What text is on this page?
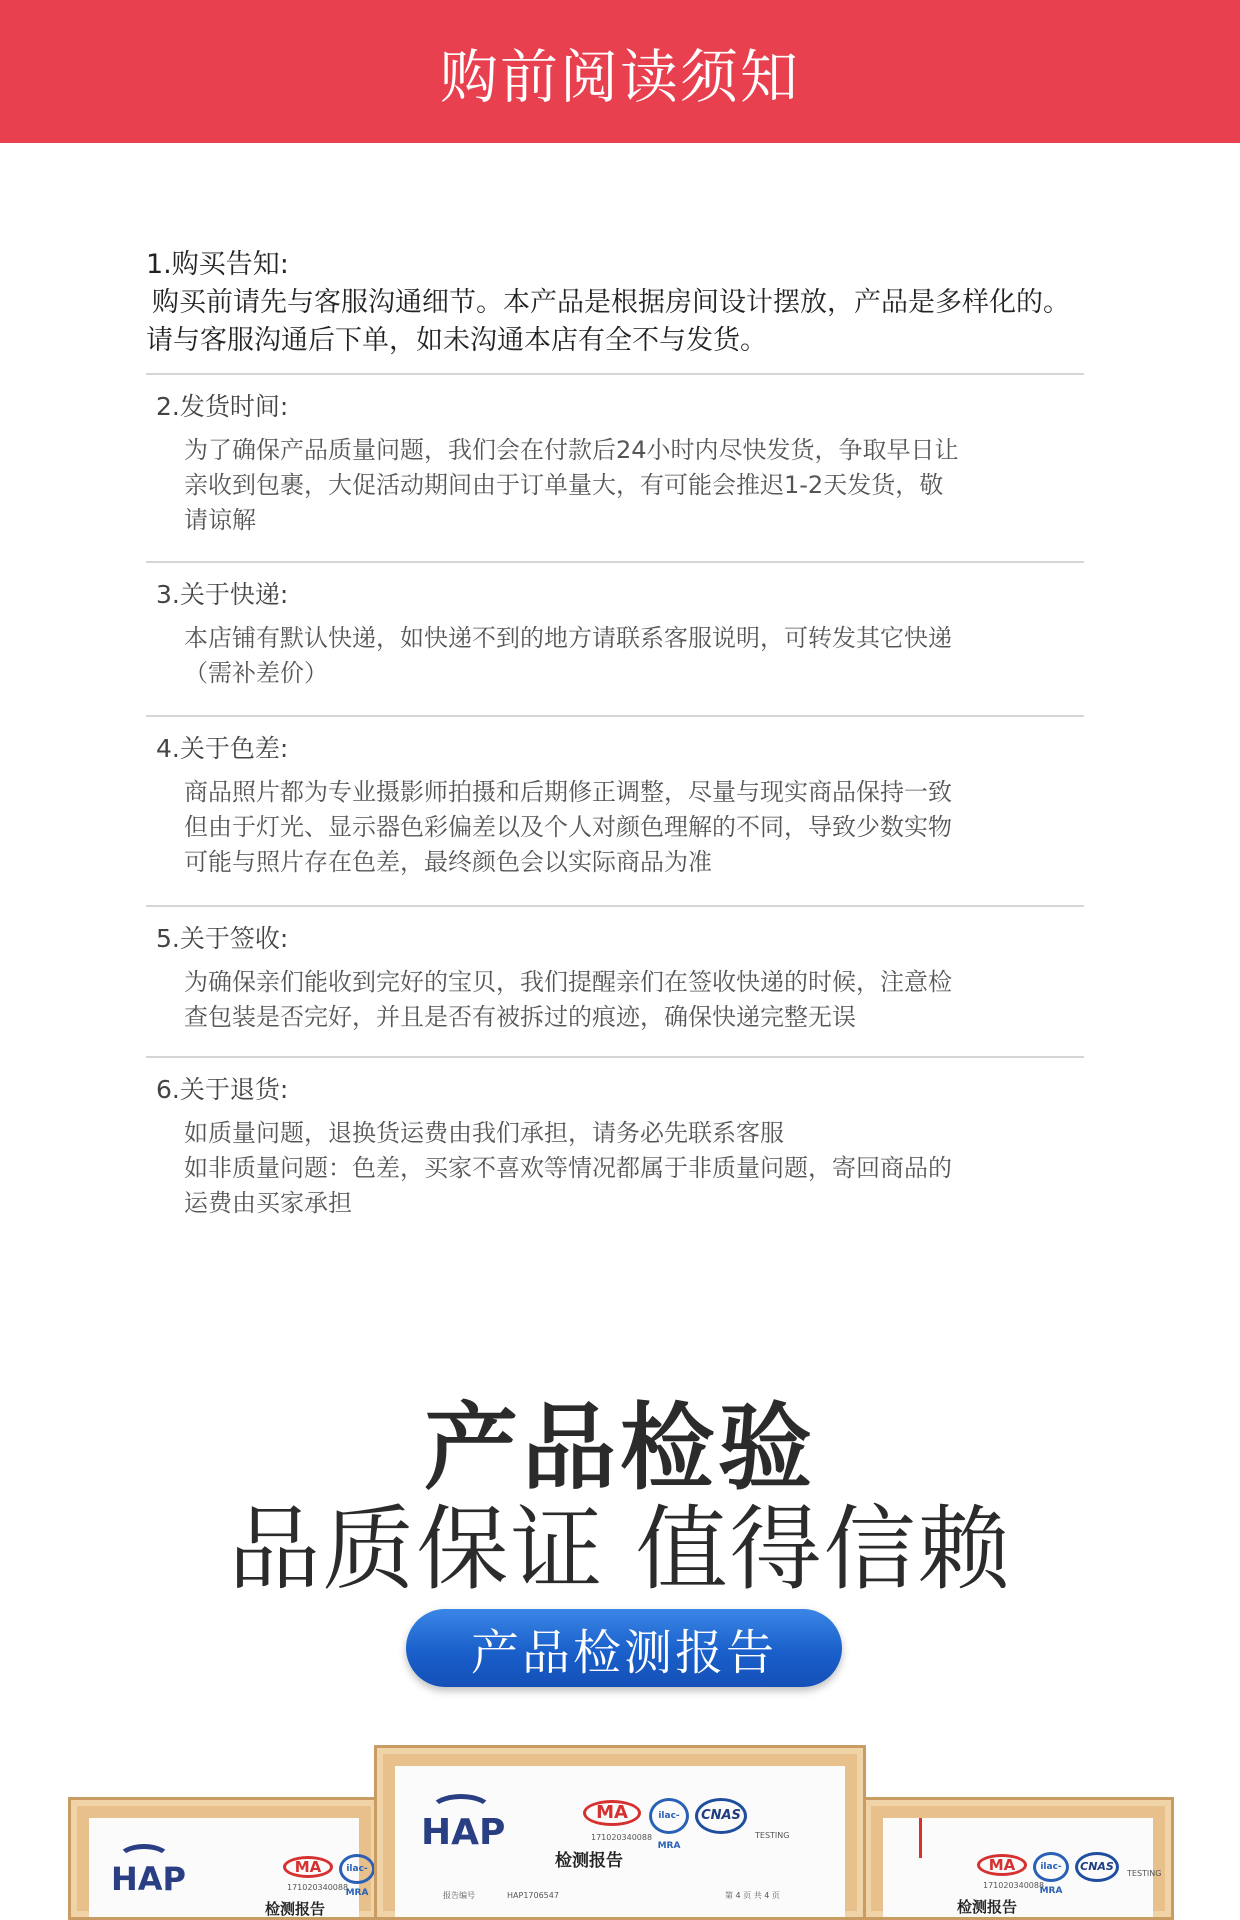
购前阅读须知
1.购买告知:
购买前请先与客服沟通细节。本产品是根据房间设计摆放，产品是多样化的。
请与客服沟通后下单，如未沟通本店有全不与发货。
2.发货时间:
为了确保产品质量问题，我们会在付款后24小时内尽快发货，争取早日让
亲收到包裹，大促活动期间由于订单量大，有可能会推迟1-2天发货，敬
请谅解
3.关于快递:
本店铺有默认快递，如快递不到的地方请联系客服说明，可转发其它快递
（需补差价）
4.关于色差:
商品照片都为专业摄影师拍摄和后期修正调整，尽量与现实商品保持一致
但由于灯光、显示器色彩偏差以及个人对颜色理解的不同，导致少数实物
可能与照片存在色差，最终颜色会以实际商品为准
5.关于签收:
为确保亲们能收到完好的宝贝，我们提醒亲们在签收快递的时候，注意检
查包装是否完好，并且是否有被拆过的痕迹，确保快递完整无误
6.关于退货:
如质量问题，退换货运费由我们承担，请务必先联系客服
如非质量问题：色差，买家不喜欢等情况都属于非质量问题，寄回商品的
运费由买家承担
产品检验
品质保证 值得信赖
产品检测报告
HAP	MA	ilac-MRA
171020340088
检测报告
MA	ilac-MRA
CNAS
TESTING
171020340088
检测报告
HAP	MA	ilac-MRA
CNAS
TESTING
171020340088
检测报告
报告编号	HAP1706547	第 4 页 共 4 页
